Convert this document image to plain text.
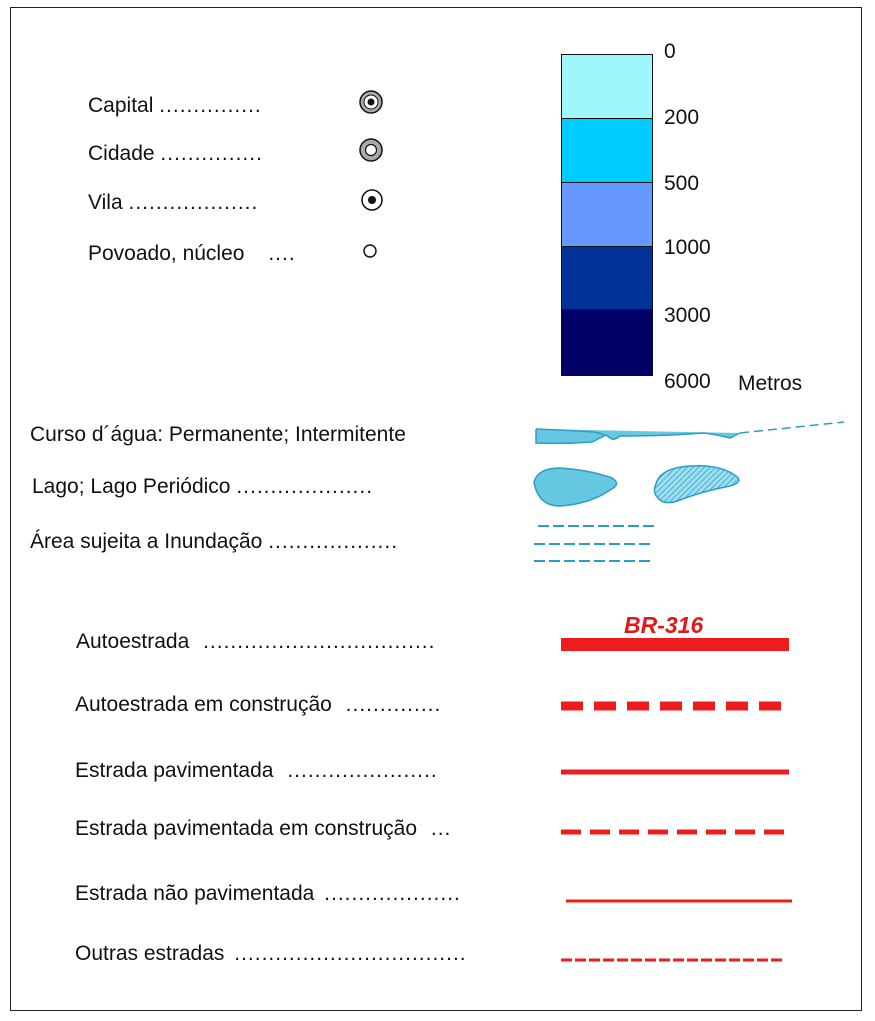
Capital ...............
Cidade ...............
Vila ...................
Povoado, núcleo ....
0
200
500
1000
3000
6000 Metros
Curso d´água: Permanente; Intermitente
Lago; Lago Periódico ....................
Área sujeita a Inundação ...................
Autoestrada ..................................
BR-316
Autoestrada em construção ..............
Estrada pavimentada ......................
Estrada pavimentada em construção ...
Estrada não pavimentada ....................
Outras estradas ..................................
